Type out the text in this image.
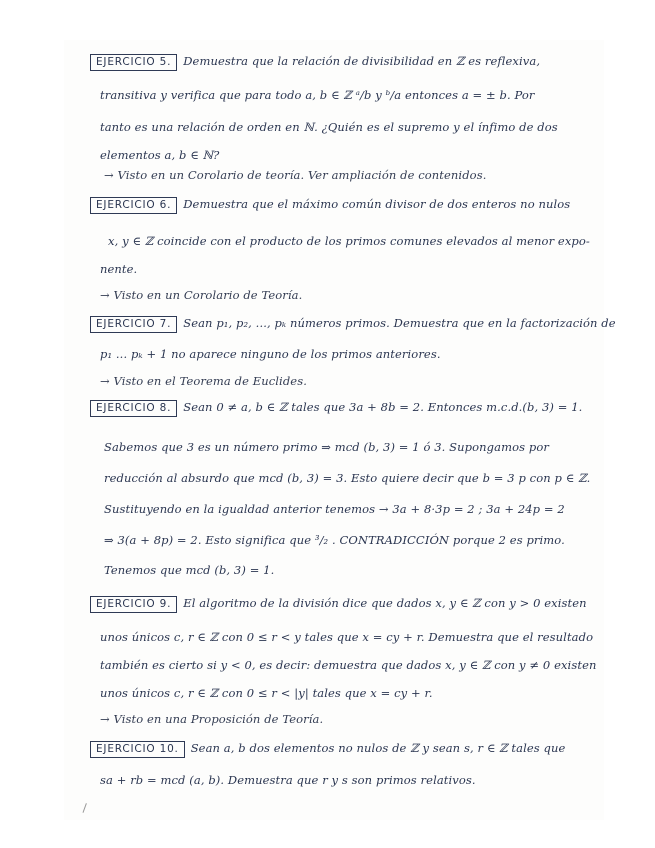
EJERCICIO 5. Demuestra que la relación de divisibilidad en ℤ es reflexiva,
transitiva y verifica que para todo a, b ∈ ℤ ᵃ/b y ᵇ/a entonces a = ± b. Por
tanto es una relación de orden en ℕ. ¿Quién es el supremo y el ínfimo de dos
elementos a, b ∈ ℕ?
→ Visto en un Corolario de teoría. Ver ampliación de contenidos.
EJERCICIO 6. Demuestra que el máximo común divisor de dos enteros no nulos
x, y ∈ ℤ coincide con el producto de los primos comunes elevados al menor expo-
nente.
→ Visto en un Corolario de Teoría.
EJERCICIO 7. Sean p₁, p₂, ..., pₖ números primos. Demuestra que en la factorización de
p₁ ... pₖ + 1 no aparece ninguno de los primos anteriores.
→ Visto en el Teorema de Euclides.
EJERCICIO 8. Sean 0 ≠ a, b ∈ ℤ tales que 3a + 8b = 2. Entonces m.c.d.(b, 3) = 1.
Sabemos que 3 es un número primo ⇒ mcd (b, 3) = 1 ó 3. Supongamos por
reducción al absurdo que mcd (b, 3) = 3. Esto quiere decir que b = 3 p con p ∈ ℤ.
Sustituyendo en la igualdad anterior tenemos → 3a + 8·3p = 2 ; 3a + 24p = 2
⇒ 3(a + 8p) = 2. Esto significa que ³/₂ . CONTRADICCIÓN porque 2 es primo.
Tenemos que mcd (b, 3) = 1.
EJERCICIO 9. El algoritmo de la división dice que dados x, y ∈ ℤ con y > 0 existen
unos únicos c, r ∈ ℤ con 0 ≤ r < y tales que x = cy + r. Demuestra que el resultado
también es cierto si y < 0, es decir: demuestra que dados x, y ∈ ℤ con y ≠ 0 existen
unos únicos c, r ∈ ℤ con 0 ≤ r < |y| tales que x = cy + r.
→ Visto en una Proposición de Teoría.
EJERCICIO 10. Sean a, b dos elementos no nulos de ℤ y sean s, r ∈ ℤ tales que
sa + rb = mcd (a, b). Demuestra que r y s son primos relativos.
